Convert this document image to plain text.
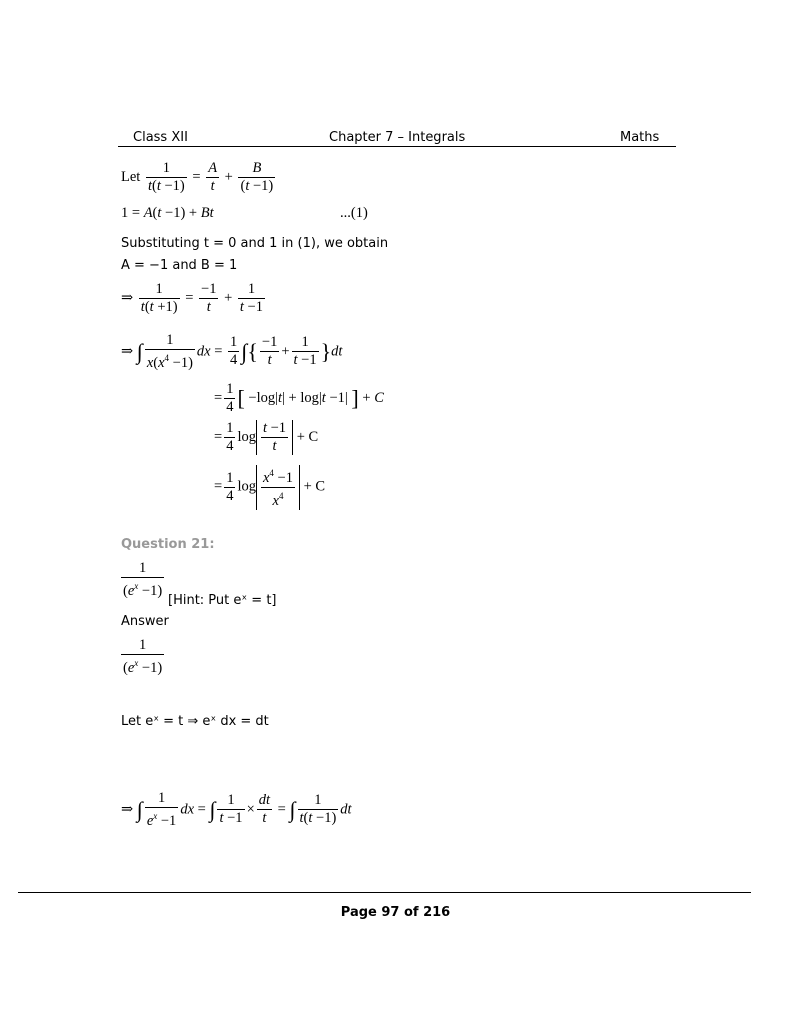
Class XII	Chapter 7 – Integrals	Maths
Let $\frac{1}{t(t -1)} = \frac{A}{t} + \frac{B}{(t -1)}$
1 = A(t −1) + Bt	...(1)
Substituting t = 0 and 1 in (1), we obtain
A = −1 and B = 1
⇒ $\frac{1}{t(t +1)} = \frac{-1}{t} + \frac{1}{t -1}$
⇒ ∫ $\frac{1}{x(x^4 -1)}$ dx = $\frac{1}{4}$ ∫{ $\frac{-1}{t} + \frac{1}{t -1} \}dt$
= $\frac{1}{4}$ [ −log|t| + log|t −1| ] + C
= $\frac{1}{4}$ $\log \frac{t -1}{t} + C$
= $\frac{1}{4}$ $\log \frac{x^4 -1}{x^4} + C$
Question 21:
$\frac{1}{(e^x -1)}$
[Hint: Put eˣ = t]
Answer
$\frac{1}{(e^x -1)}$
Let eˣ = t ⇒ eˣ dx = dt
⇒ ∫ $\frac{1}{e^x -1}$ dx = ∫ $\frac{1}{t -1} \times \frac{dt}{t}$ = ∫ $\frac{1}{t(t -1)}$ dt
Page 97 of 216
